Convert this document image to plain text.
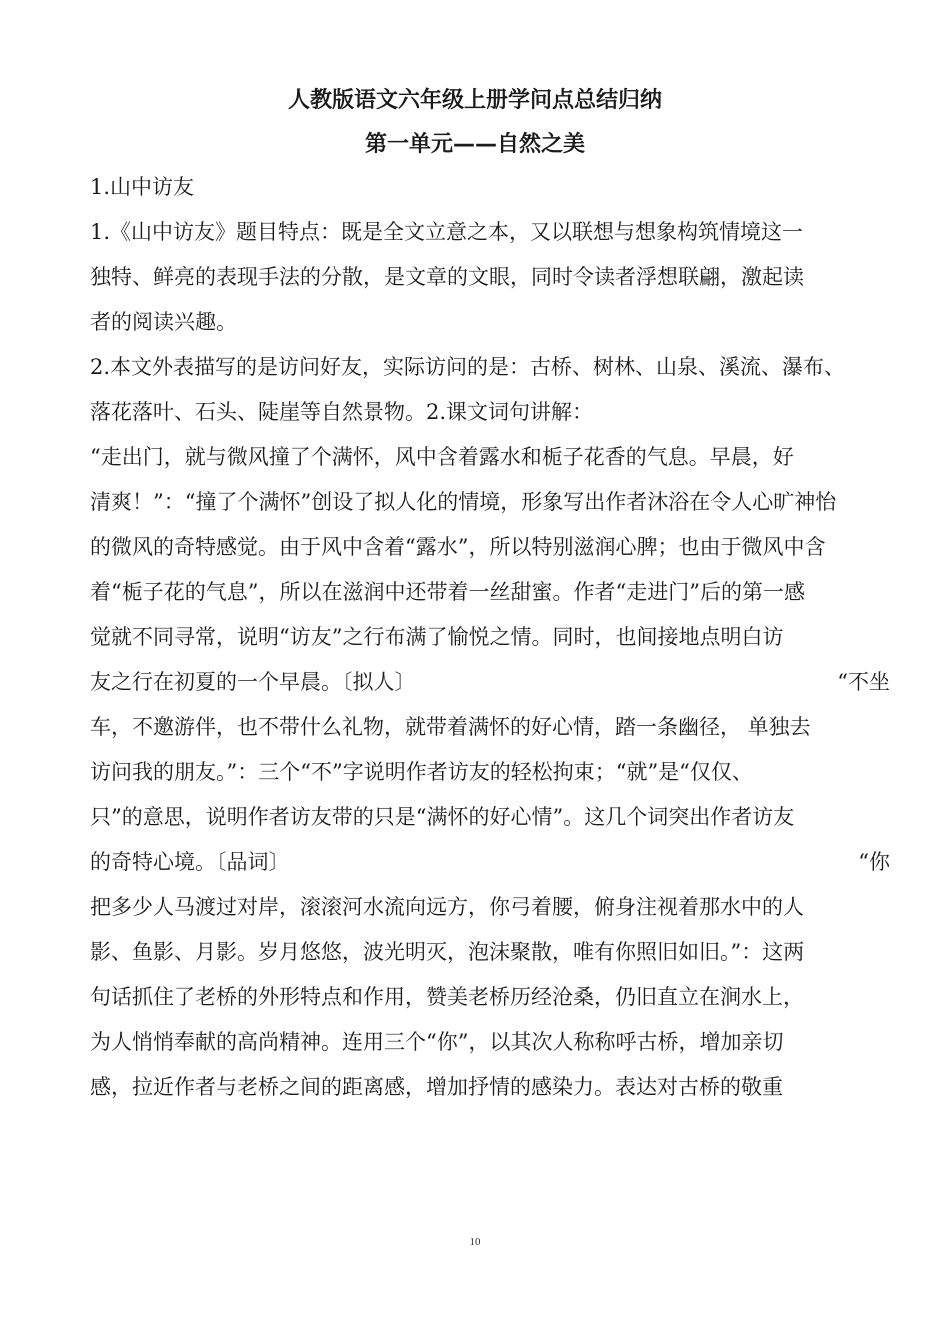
人教版语文六年级上册学问点总结归纳
第一单元——自然之美
1.山中访友
1.《山中访友》题目特点：既是全文立意之本，又以联想与想象构筑情境这一
独特、鲜亮的表现手法的分散，是文章的文眼，同时令读者浮想联翩，激起读
者的阅读兴趣。
2.本文外表描写的是访问好友，实际访问的是：古桥、树林、山泉、溪流、瀑布、
落花落叶、石头、陡崖等自然景物。2.课文词句讲解：
“走出门，就与微风撞了个满怀，风中含着露水和栀子花香的气息。早晨，好
清爽！”：“撞了个满怀”创设了拟人化的情境，形象写出作者沐浴在令人心旷神怡
的微风的奇特感觉。由于风中含着“露水”，所以特别滋润心脾；也由于微风中含
着“栀子花的气息”，所以在滋润中还带着一丝甜蜜。作者“走进门”后的第一感
觉就不同寻常，说明“访友”之行布满了愉悦之情。同时，也间接地点明白访
友之行在初夏的一个早晨。〔拟人〕	“不坐
车，不邀游伴，也不带什么礼物，就带着满怀的好心情，踏一条幽径， 单独去
访问我的朋友。”：三个“不”字说明作者访友的轻松拘束；“就”是“仅仅、
只”的意思，说明作者访友带的只是“满怀的好心情”。这几个词突出作者访友
的奇特心境。〔品词〕	“你
把多少人马渡过对岸，滚滚河水流向远方，你弓着腰，俯身注视着那水中的人
影、鱼影、月影。岁月悠悠，波光明灭，泡沫聚散，唯有你照旧如旧。”：这两
句话抓住了老桥的外形特点和作用，赞美老桥历经沧桑，仍旧直立在涧水上，
为人悄悄奉献的高尚精神。连用三个“你”，以其次人称称呼古桥，增加亲切
感，拉近作者与老桥之间的距离感，增加抒情的感染力。表达对古桥的敬重
10
